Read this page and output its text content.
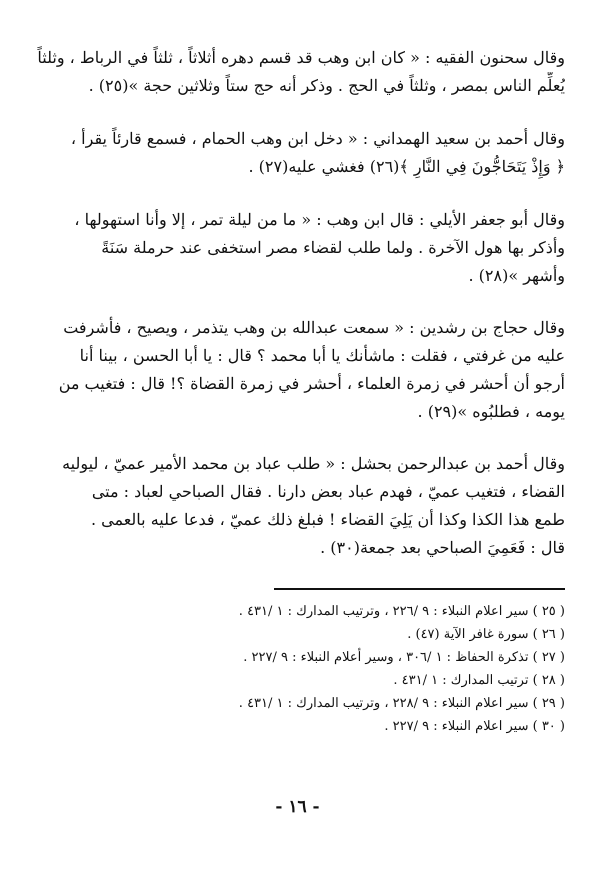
وقال سحنون الفقيه : « كان ابن وهب قد قسم دهره أثلاثاً ، ثلثاً في الرباط ، وثلثاً
يُعلِّم الناس بمصر ، وثلثاً في الحج . وذكر أنه حج ستاً وثلاثين حجة »(٢٥) .
وقال أحمد بن سعيد الهمداني : « دخل ابن وهب الحمام ، فسمع قارئاً يقرأ ،
﴿ وَإِذْ يَتَحَاجُّونَ فِي النَّارِ ﴾(٢٦) فغشي عليه(٢٧) .
وقال أبو جعفر الأيلي : قال ابن وهب : « ما من ليلة تمر ، إلا وأنا استهولها ،
وأذكر بها هول الآخرة . ولما طلب لقضاء مصر استخفى عند حرملة سَنَةً
وأشهر »(٢٨) .
وقال حجاج بن رشدين : « سمعت عبدالله بن وهب يتذمر ، ويصيح ، فأشرفت
عليه من غرفتي ، فقلت : ماشأنك يا أبا محمد ؟ قال : يا أبا الحسن ، بينا أنا
أرجو أن أحشر في زمرة العلماء ، أحشر في زمرة القضاة ؟! قال : فتغيب من
يومه ، فطلبُوه »(٢٩) .
وقال أحمد بن عبدالرحمن بحشل : « طلب عباد بن محمد الأمير عميّ ، ليوليه
القضاء ، فتغيب عميّ ، فهدم عباد بعض دارنا . فقال الصباحي لعباد : متى
طمع هذا الكذا وكذا أن يَلِيَ القضاء ! فبلغ ذلك عميّ ، فدعا عليه بالعمى .
قال : فَعَمِيَ الصباحي بعد جمعة(٣٠) .
( ٢٥ ) سير اعلام النبلاء : ٩ /٢٢٦ ، وترتيب المدارك : ١ /٤٣١ .
( ٢٦ ) سورة غافر الآية (٤٧) .
( ٢٧ ) تذكرة الحفاظ : ١ /٣٠٦ ، وسير أعلام النبلاء : ٩ /٢٢٧ .
( ٢٨ ) ترتيب المدارك : ١ /٤٣١ .
( ٢٩ ) سير اعلام النبلاء : ٩ /٢٢٨ ، وترتيب المدارك : ١ /٤٣١ .
( ٣٠ ) سير اعلام النبلاء : ٩ /٢٢٧ .
- ١٦ -
